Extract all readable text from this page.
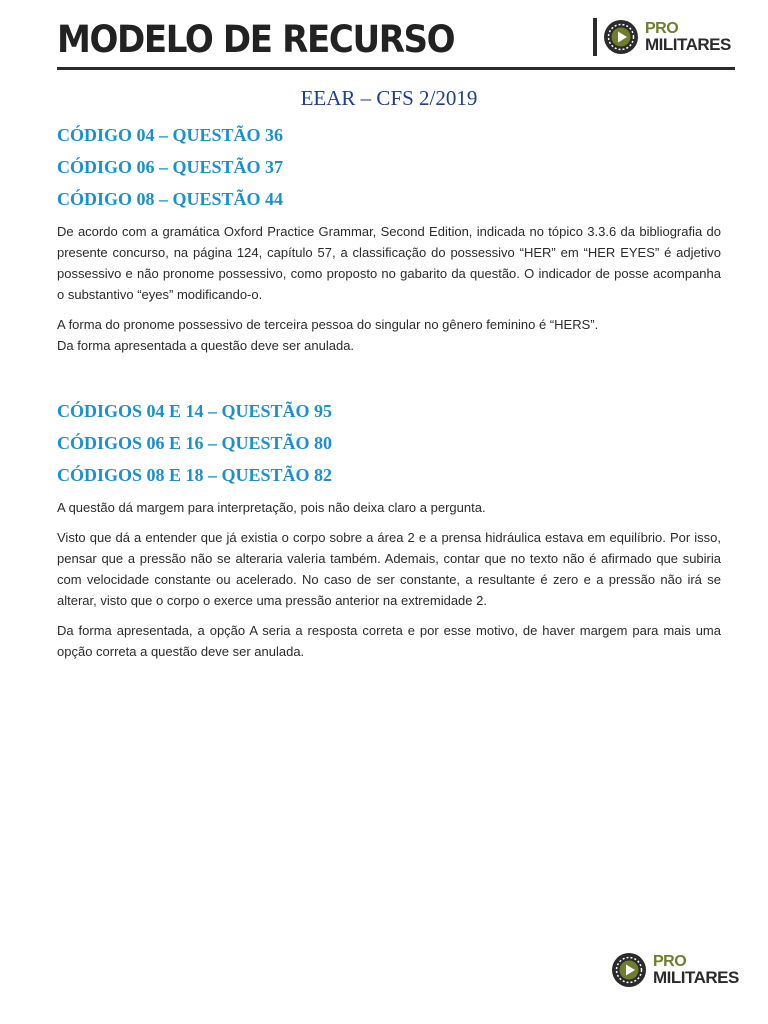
MODELO DE RECURSO	PRO
MILITARES
EEAR – CFS 2/2019
CÓDIGO 04 – QUESTÃO 36
CÓDIGO 06 – QUESTÃO 37
CÓDIGO 08 – QUESTÃO 44

De acordo com a gramática Oxford Practice Grammar, Second Edition, indicada no tópico 3.3.6 da bibliografia do presente concurso, na página 124, capítulo 57, a classificação do possessivo “HER” em “HER EYES” é adjetivo possessivo e não pronome possessivo, como proposto no gabarito da questão. O indicador de posse acompanha o substantivo “eyes” modificando-o.

A forma do pronome possessivo de terceira pessoa do singular no gênero feminino é “HERS”.

Da forma apresentada a questão deve ser anulada.

CÓDIGOS 04 E 14 – QUESTÃO 95
CÓDIGOS 06 E 16 – QUESTÃO 80
CÓDIGOS 08 E 18 – QUESTÃO 82

A questão dá margem para interpretação, pois não deixa claro a pergunta.

Visto que dá a entender que já existia o corpo sobre a área 2 e a prensa hidráulica estava em equilíbrio. Por isso, pensar que a pressão não se alteraria valeria também. Ademais, contar que no texto não é afirmado que subiria com velocidade constante ou acelerado. No caso de ser constante, a resultante é zero e a pressão não irá se alterar, visto que o corpo o exerce uma pressão anterior na extremidade 2.

Da forma apresentada, a opção A seria a resposta correta e por esse motivo, de haver margem para mais uma opção correta a questão deve ser anulada.

PRO
MILITARES
